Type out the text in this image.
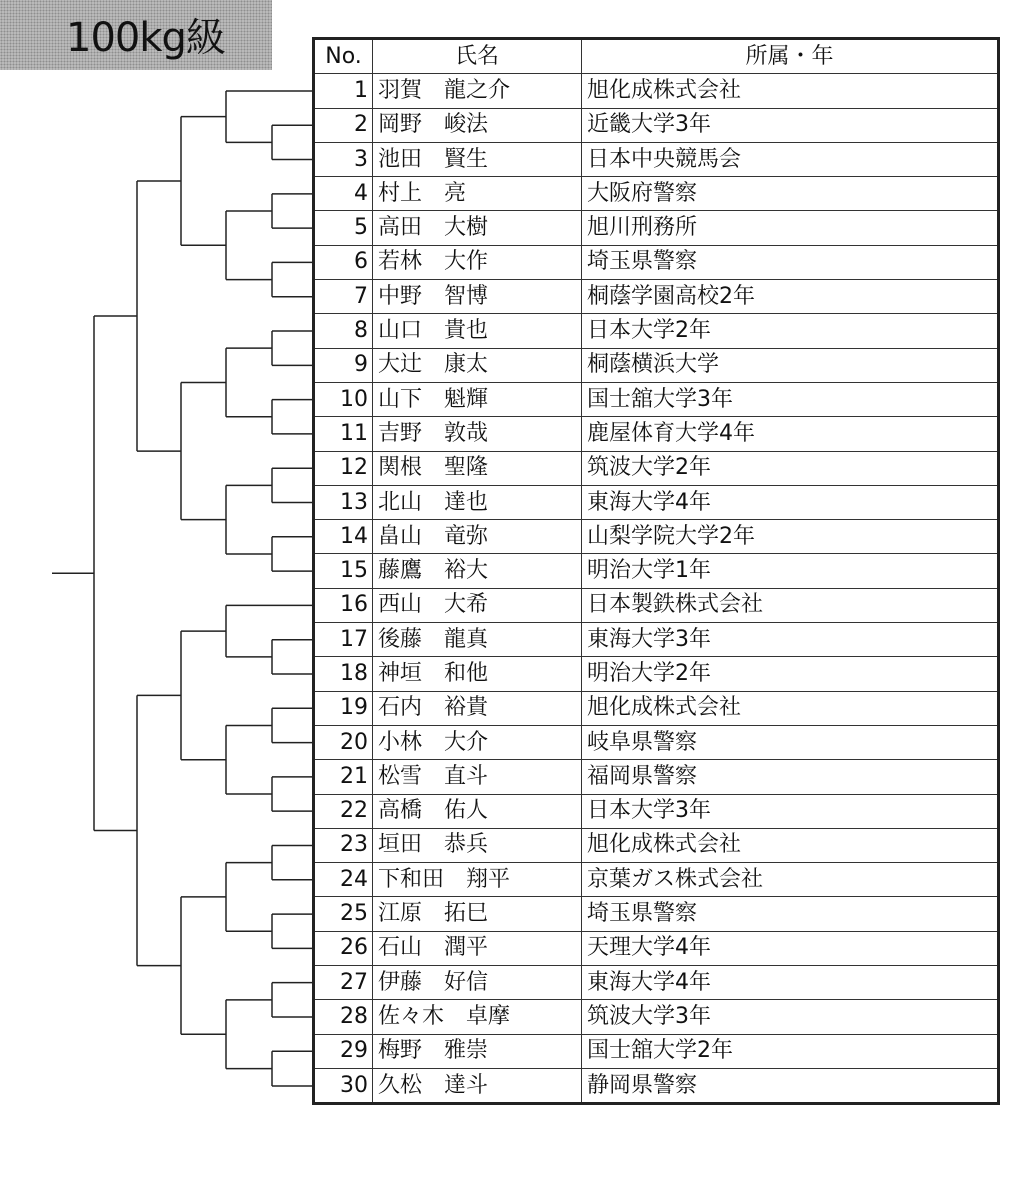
100kg級	No.	氏名	所属・年
1	羽賀　龍之介	旭化成株式会社
2	岡野　峻法	近畿大学3年
3	池田　賢生	日本中央競馬会
4	村上　亮	大阪府警察
5	高田　大樹	旭川刑務所
6	若林　大作	埼玉県警察
7	中野　智博	桐蔭学園高校2年
8	山口　貴也	日本大学2年
9	大辻　康太	桐蔭横浜大学
10	山下　魁輝	国士舘大学3年
11	吉野　敦哉	鹿屋体育大学4年
12	関根　聖隆	筑波大学2年
13	北山　達也	東海大学4年
14	畠山　竜弥	山梨学院大学2年
15	藤鷹　裕大	明治大学1年
16	西山　大希	日本製鉄株式会社
17	後藤　龍真	東海大学3年
18	神垣　和他	明治大学2年
19	石内　裕貴	旭化成株式会社
20	小林　大介	岐阜県警察
21	松雪　直斗	福岡県警察
22	高橋　佑人	日本大学3年
23	垣田　恭兵	旭化成株式会社
24	下和田　翔平	京葉ガス株式会社
25	江原　拓巳	埼玉県警察
26	石山　潤平	天理大学4年
27	伊藤　好信	東海大学4年
28	佐々木　卓摩	筑波大学3年
29	梅野　雅崇	国士舘大学2年
30	久松　達斗	静岡県警察
